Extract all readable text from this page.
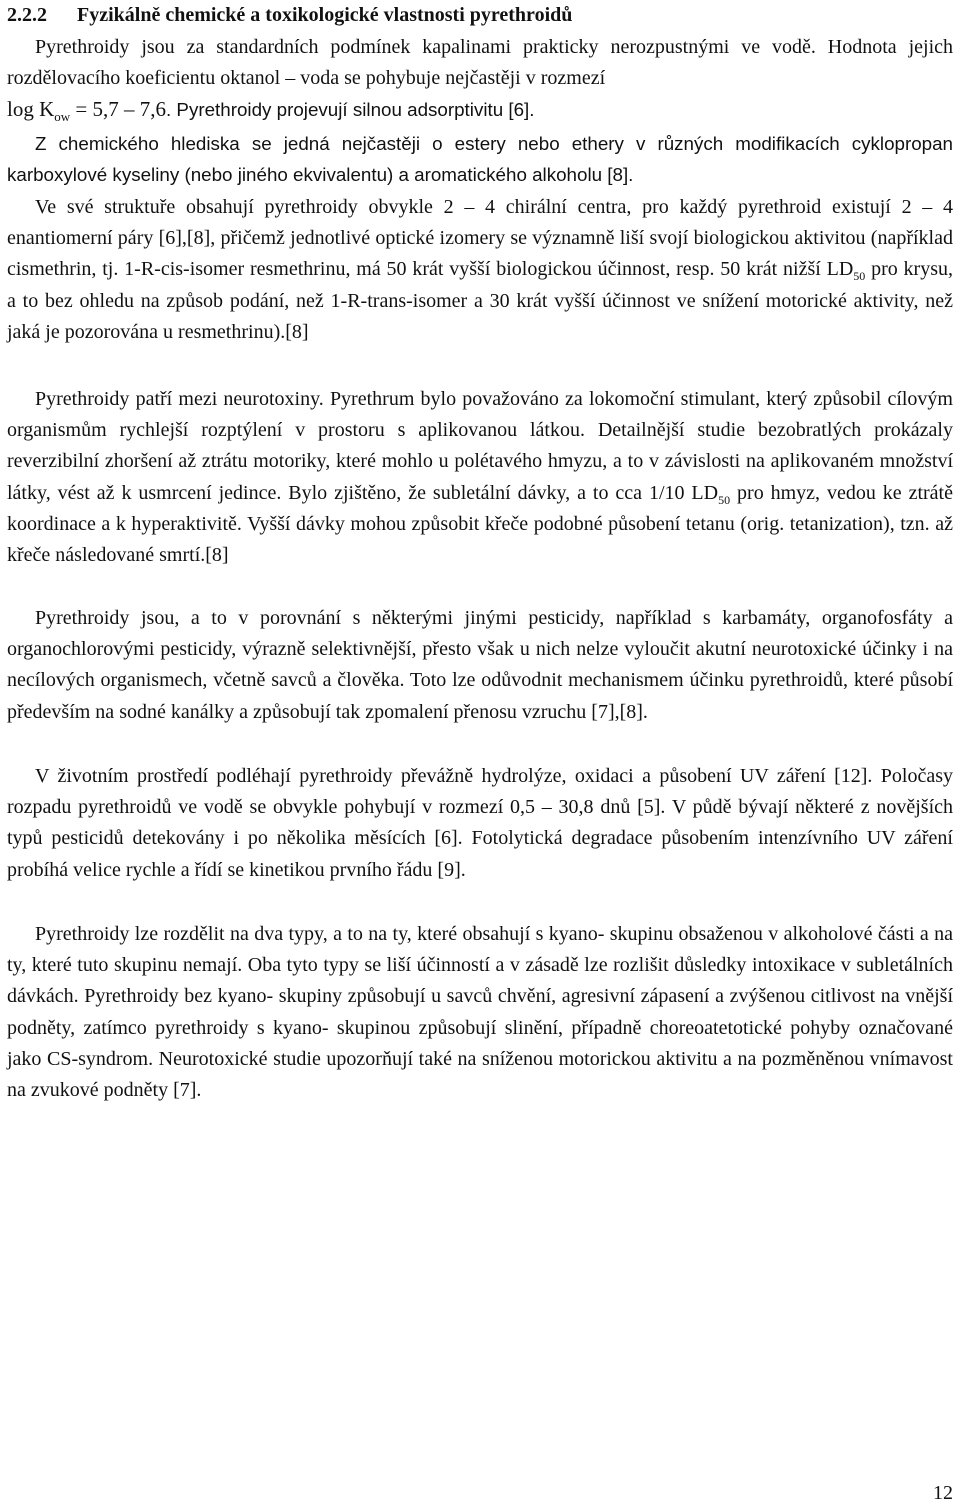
2.2.2 Fyzikálně chemické a toxikologické vlastnosti pyrethroidů
Pyrethroidy jsou za standardních podmínek kapalinami prakticky nerozpustnými ve vodě. Hodnota jejich rozdělovacího koeficientu oktanol – voda se pohybuje nejčastěji v rozmezí
$\log K_{ow} = 5,7 - 7,6$. Pyrethroidy projevují silnou adsorptivitu [6].
Z chemického hlediska se jedná nejčastěji o estery nebo ethery v různých modifikacích cyklopropan karboxylové kyseliny (nebo jiného ekvivalentu) a aromatického alkoholu [8].
Ve své struktuře obsahují pyrethroidy obvykle 2 – 4 chirální centra, pro každý pyrethroid existují 2 – 4 enantiomerní páry [6],[8], přičemž jednotlivé optické izomery se významně liší svojí biologickou aktivitou (například cismethrin, tj. 1-R-cis-isomer resmethrinu, má 50 krát vyšší biologickou účinnost, resp. 50 krát nižší $LD_{50}$ pro krysu, a to bez ohledu na způsob podání, než 1-R-trans-isomer a 30 krát vyšší účinnost ve snížení motorické aktivity, než jaká je pozorována u resmethrinu).[8]
Pyrethroidy patří mezi neurotoxiny. Pyrethrum bylo považováno za lokomoční stimulant, který způsobil cílovým organismům rychlejší rozptýlení v prostoru s aplikovanou látkou. Detailnější studie bezobratlých prokázaly reverzibilní zhoršení až ztrátu motoriky, které mohlo u polétavého hmyzu, a to v závislosti na aplikovaném množství látky, vést až k usmrcení jedince. Bylo zjištěno, že subletální dávky, a to cca 1/10 $LD_{50}$ pro hmyz, vedou ke ztrátě koordinace a k hyperaktivitě. Vyšší dávky mohou způsobit křeče podobné působení tetanu (orig. tetanization), tzn. až křeče následované smrtí.[8]
Pyrethroidy jsou, a to v porovnání s některými jinými pesticidy, například s karbamáty, organofosfáty a organochlorovými pesticidy, výrazně selektivnější, přesto však u nich nelze vyloučit akutní neurotoxické účinky i na necílových organismech, včetně savců a člověka. Toto lze odůvodnit mechanismem účinku pyrethroidů, které působí především na sodné kanálky a způsobují tak zpomalení přenosu vzruchu [7],[8].
V životním prostředí podléhají pyrethroidy převážně hydrolýze, oxidaci a působení UV záření [12]. Poločasy rozpadu pyrethroidů ve vodě se obvykle pohybují v rozmezí 0,5 – 30,8 dnů [5]. V půdě bývají některé z novějších typů pesticidů detekovány i po několika měsících [6]. Fotolytická degradace působením intenzívního UV záření probíhá velice rychle a řídí se kinetikou prvního řádu [9].
Pyrethroidy lze rozdělit na dva typy, a to na ty, které obsahují s kyano- skupinu obsaženou v alkoholové části a na ty, které tuto skupinu nemají. Oba tyto typy se liší účinností a v zásadě lze rozlišit důsledky intoxikace v subletálních dávkách. Pyrethroidy bez kyano- skupiny způsobují u savců chvění, agresivní zápasení a zvýšenou citlivost na vnější podněty, zatímco pyrethroidy s kyano- skupinou způsobují slinění, případně choreoatetotické pohyby označované jako CS-syndrom. Neurotoxické studie upozorňují také na sníženou motorickou aktivitu a na pozměněnou vnímavost na zvukové podněty [7].
12
